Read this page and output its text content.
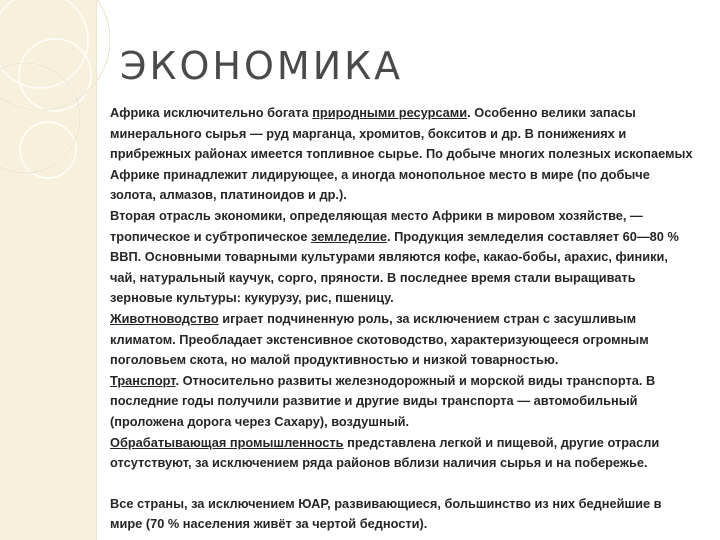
ЭКОНОМИКА

Африка исключительно богата природными ресурсами. Особенно велики запасы минерального сырья — руд марганца, хромитов, бокситов и др. В понижениях и прибрежных районах имеется топливное сырье. По добыче многих полезных ископаемых Африке принадлежит лидирующее, а иногда монопольное место в мире (по добыче золота, алмазов, платиноидов и др.).

Вторая отрасль экономики, определяющая место Африки в мировом хозяйстве, — тропическое и субтропическое земледелие. Продукция земледелия составляет 60—80 % ВВП. Основными товарными культурами являются кофе, какао-бобы, арахис, финики, чай, натуральный каучук, сорго, пряности. В последнее время стали выращивать зерновые культуры: кукурузу, рис, пшеницу.

Животноводство играет подчиненную роль, за исключением стран с засушливым климатом. Преобладает экстенсивное скотоводство, характеризующееся огромным поголовьем скота, но малой продуктивностью и низкой товарностью.

Транспорт. Относительно развиты железнодорожный и морской виды транспорта. В последние годы получили развитие и другие виды транспорта — автомобильный (проложена дорога через Сахару), воздушный.

Обрабатывающая промышленность представлена легкой и пищевой, другие отрасли отсутствуют, за исключением ряда районов вблизи наличия сырья и на побережье.

Все страны, за исключением ЮАР, развивающиеся, большинство из них беднейшие в мире (70 % населения живёт за чертой бедности).
